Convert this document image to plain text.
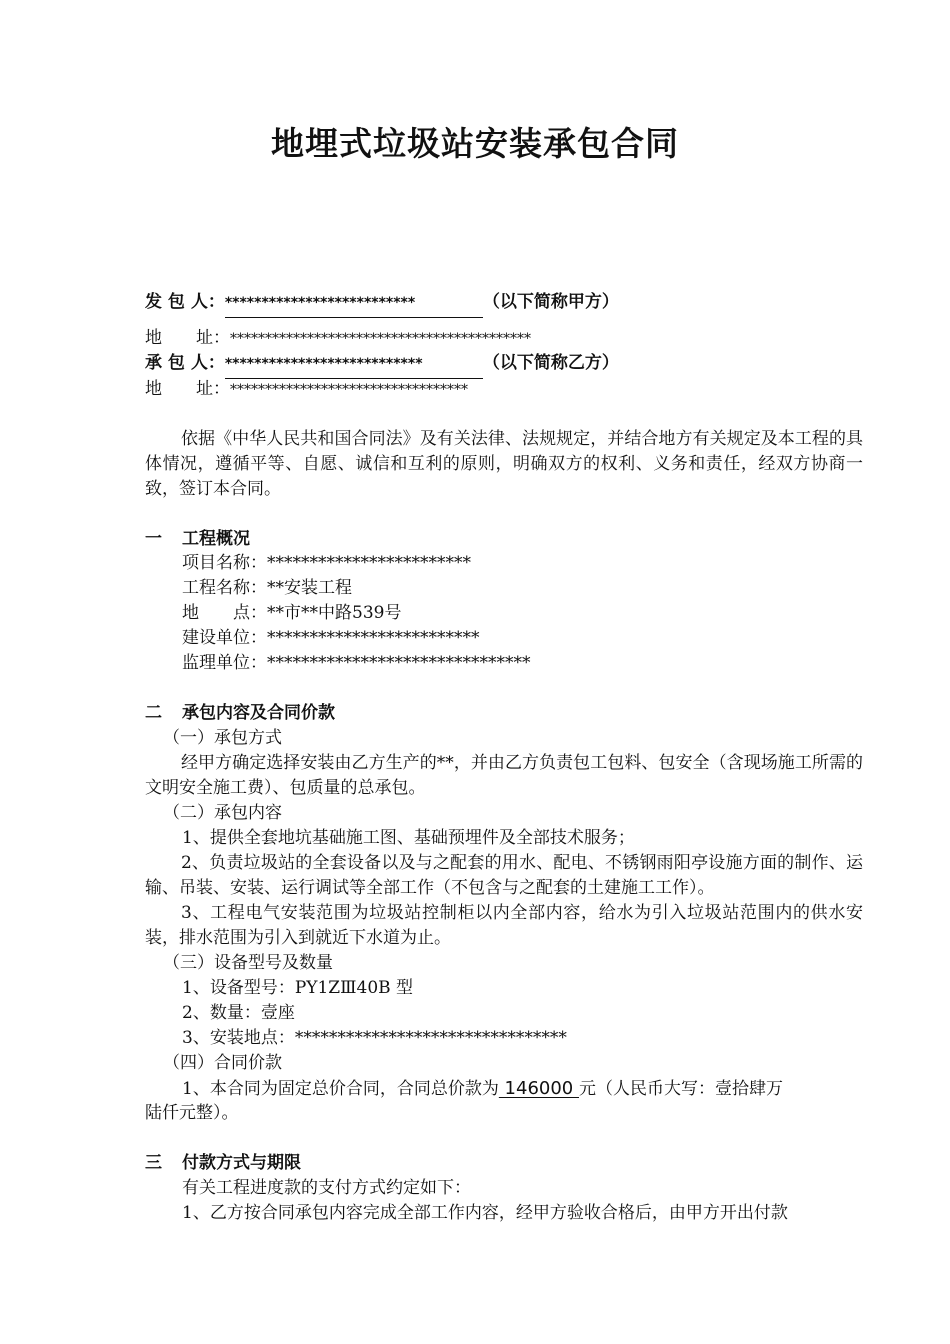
地埋式垃圾站安装承包合同
发 包 人：**************************	（以下简称甲方）
地　　址：*******************************************
承 包 人：***************************	（以下简称乙方）
地　　址：**********************************
依据《中华人民共和国合同法》及有关法律、法规规定，并结合地方有关规定及本工程的具体情况，遵循平等、自愿、诚信和互利的原则，明确双方的权利、义务和责任，经双方协商一致，签订本合同。
一 工程概况
项目名称：************************
工程名称：**安装工程
地　　点：**市**中路539号
建设单位：*************************
监理单位：*******************************
二 承包内容及合同价款
（一）承包方式
经甲方确定选择安装由乙方生产的**，并由乙方负责包工包料、包安全（含现场施工所需的文明安全施工费）、包质量的总承包。
（二）承包内容
1、提供全套地坑基础施工图、基础预埋件及全部技术服务；
2、负责垃圾站的全套设备以及与之配套的用水、配电、不锈钢雨阳亭设施方面的制作、运输、吊装、安装、运行调试等全部工作（不包含与之配套的土建施工工作）。
3、工程电气安装范围为垃圾站控制柜以内全部内容，给水为引入垃圾站范围内的供水安装，排水范围为引入到就近下水道为止。
（三）设备型号及数量
1、设备型号：PY1ZⅢ40B 型
2、数量：壹座
3、安装地点：********************************
（四）合同价款
1、本合同为固定总价合同，合同总价款为 146000 元（人民币大写：壹拾肆万
陆仟元整）。
三 付款方式与期限
有关工程进度款的支付方式约定如下：
1、乙方按合同承包内容完成全部工作内容，经甲方验收合格后，由甲方开出付款
